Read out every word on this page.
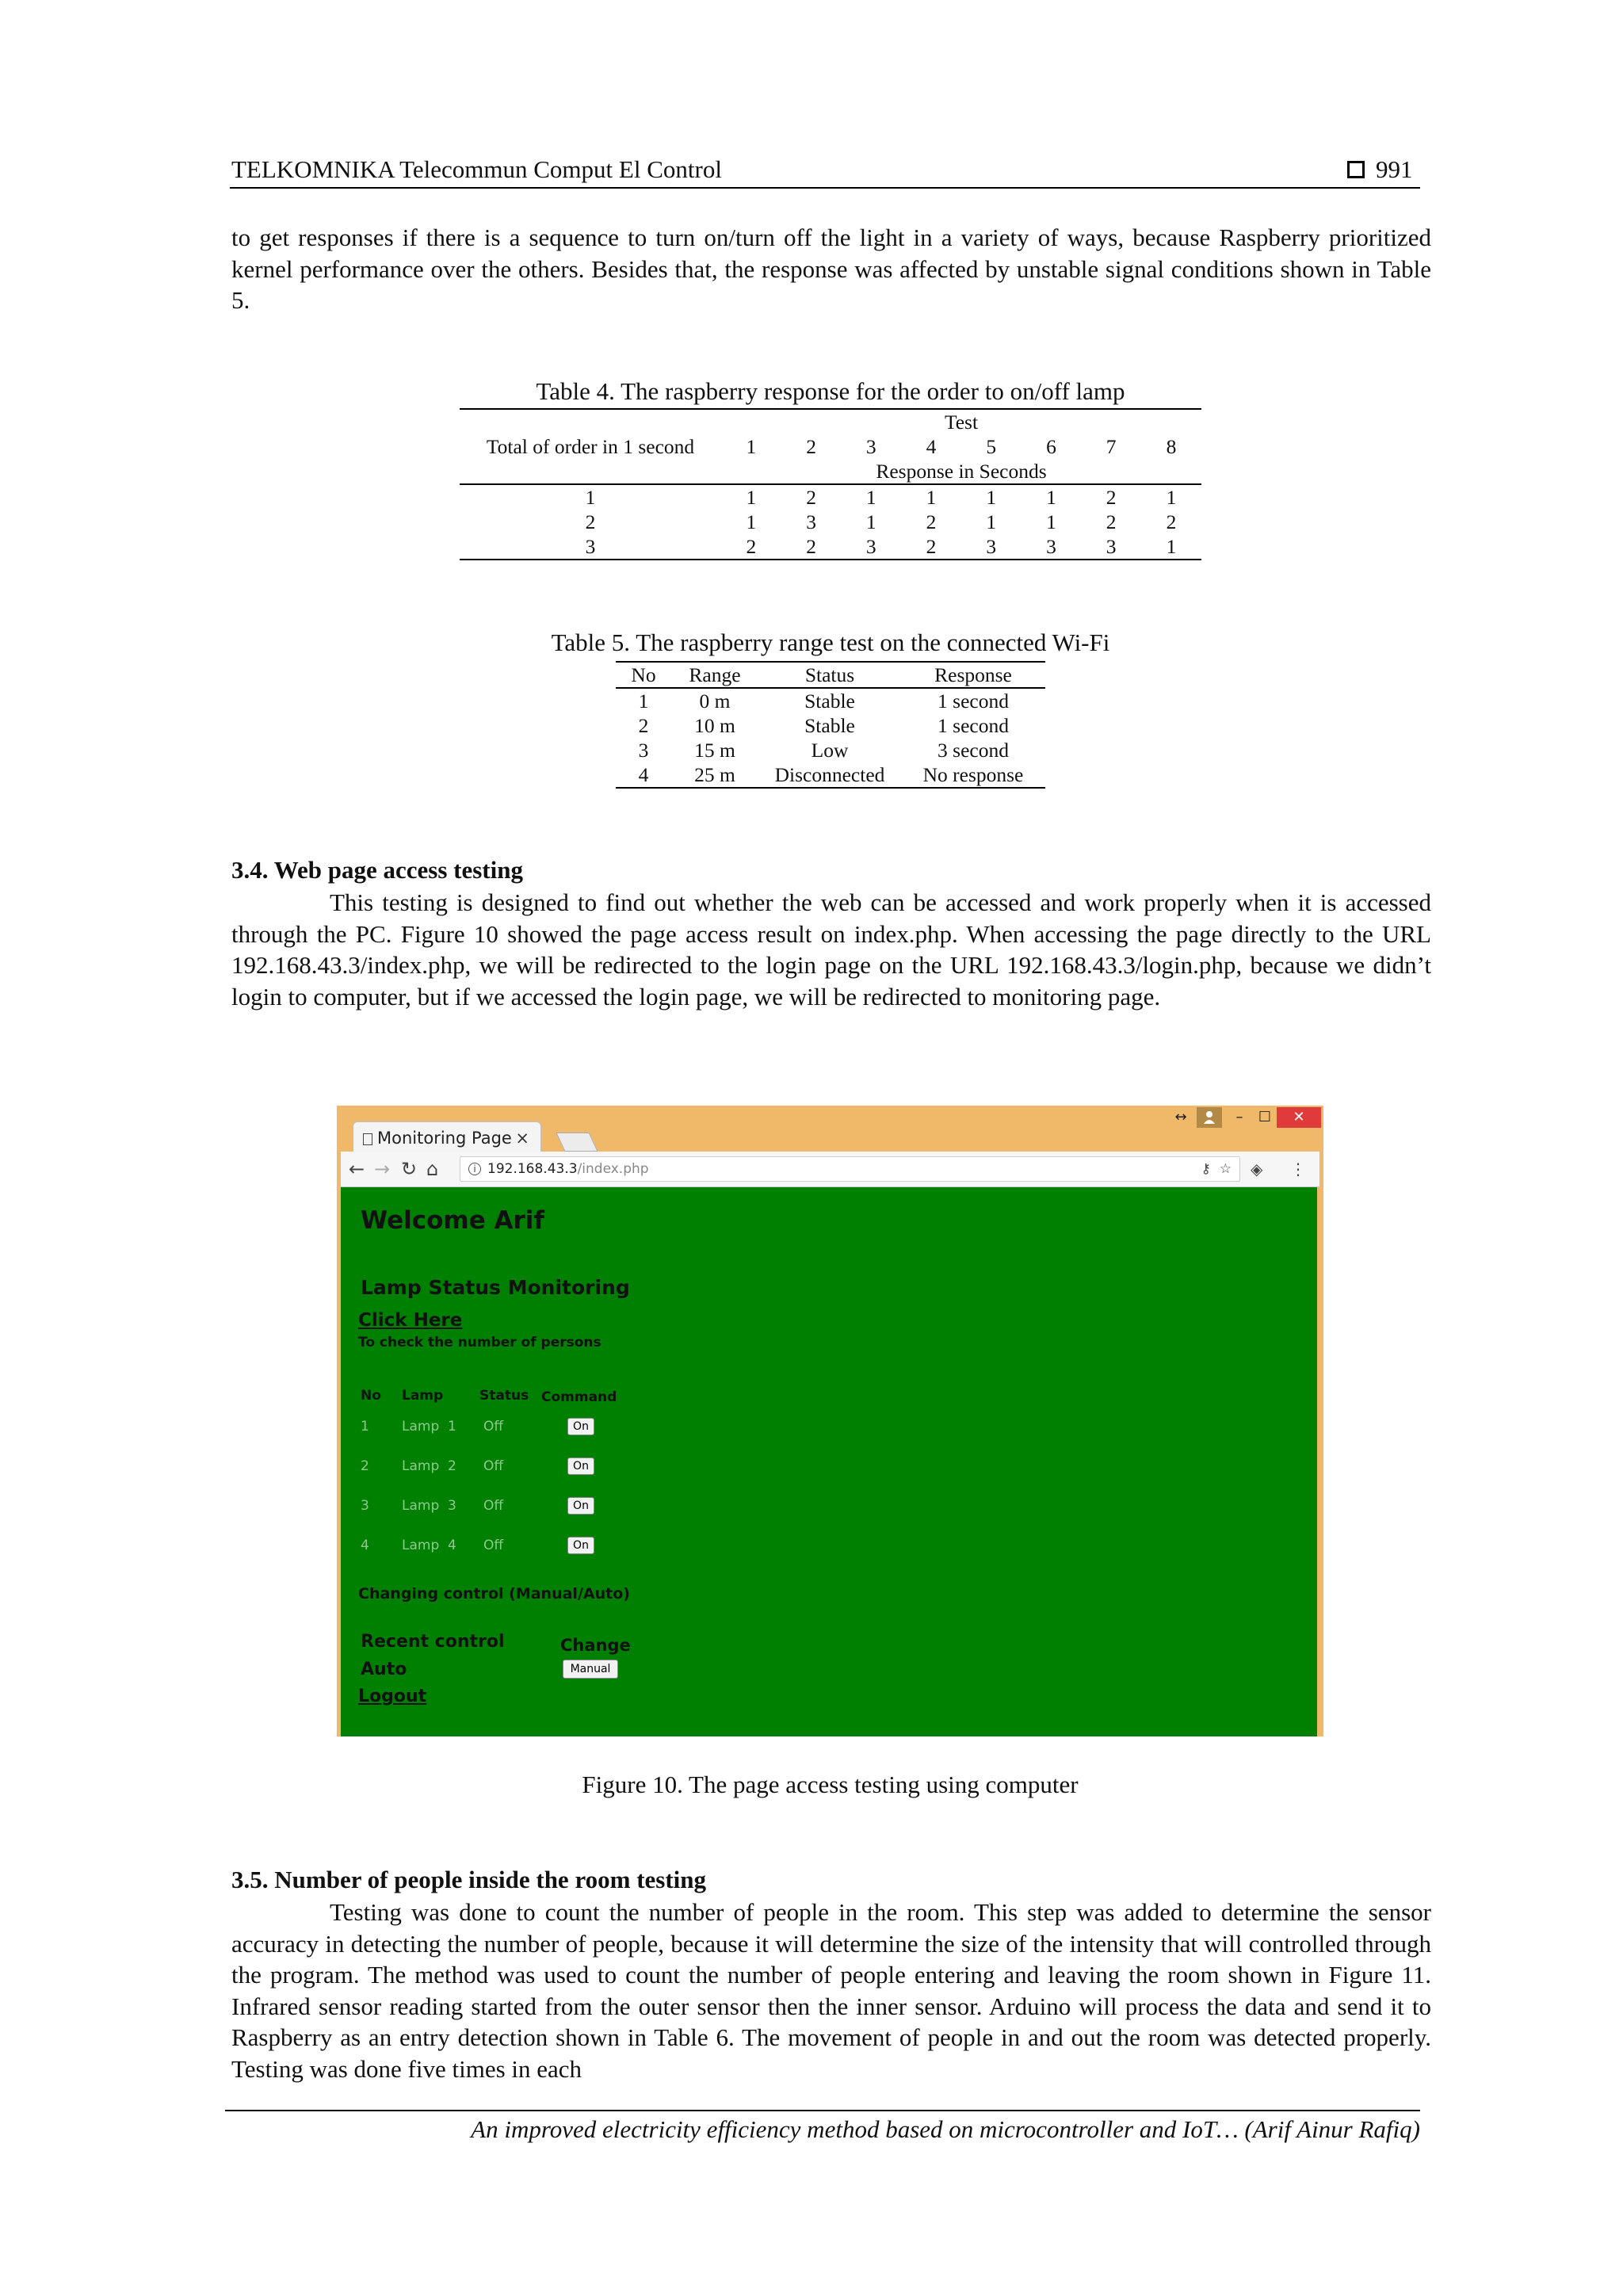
TELKOMNIKA Telecommun Comput El Control	991
to get responses if there is a sequence to turn on/turn off the light in a variety of ways, because Raspberry prioritized kernel performance over the others. Besides that, the response was affected by unstable signal conditions shown in Table 5.
Table 4. The raspberry response for the order to on/off lamp
	Test							
Total of order in 1 second	1	2	3	4	5	6	7	8
	Response in Seconds							
1	1	2	1	1	1	1	2	1
2	1	3	1	2	1	1	2	2
3	2	2	3	2	3	3	3	1
Table 5. The raspberry range test on the connected Wi-Fi
No	Range	Status	Response
1	0 m	Stable	1 second
2	10 m	Stable	1 second
3	15 m	Low	3 second
4	25 m	Disconnected	No response
3.4. Web page access testing
This testing is designed to find out whether the web can be accessed and work properly when it is accessed through the PC. Figure 10 showed the page access result on index.php. When accessing the page directly to the URL 192.168.43.3/index.php, we will be redirected to the login page on the URL 192.168.43.3/login.php, because we didn’t login to computer, but if we accessed the login page, we will be redirected to monitoring page.
Monitoring Page ×
↔	–	☐	✕
← → ↻ ⌂	i 192.168.43.3/index.php	⚷ ☆ ◈ ⋮
Welcome Arif
Lamp Status Monitoring
Click Here
To check the number of persons
No Lamp	Status Command
1 Lamp 1 Off	On
2 Lamp 2 Off	On
3 Lamp 3 Off	On
4 Lamp 4 Off	On
Changing control (Manual/Auto)
Recent control
Auto
Change
Manual
Logout
Figure 10. The page access testing using computer
3.5. Number of people inside the room testing
Testing was done to count the number of people in the room. This step was added to determine the sensor accuracy in detecting the number of people, because it will determine the size of the intensity that will controlled through the program. The method was used to count the number of people entering and leaving the room shown in Figure 11. Infrared sensor reading started from the outer sensor then the inner sensor. Arduino will process the data and send it to Raspberry as an entry detection shown in Table 6. The movement of people in and out the room was detected properly. Testing was done five times in each
An improved electricity efficiency method based on microcontroller and IoT… (Arif Ainur Rafiq)
